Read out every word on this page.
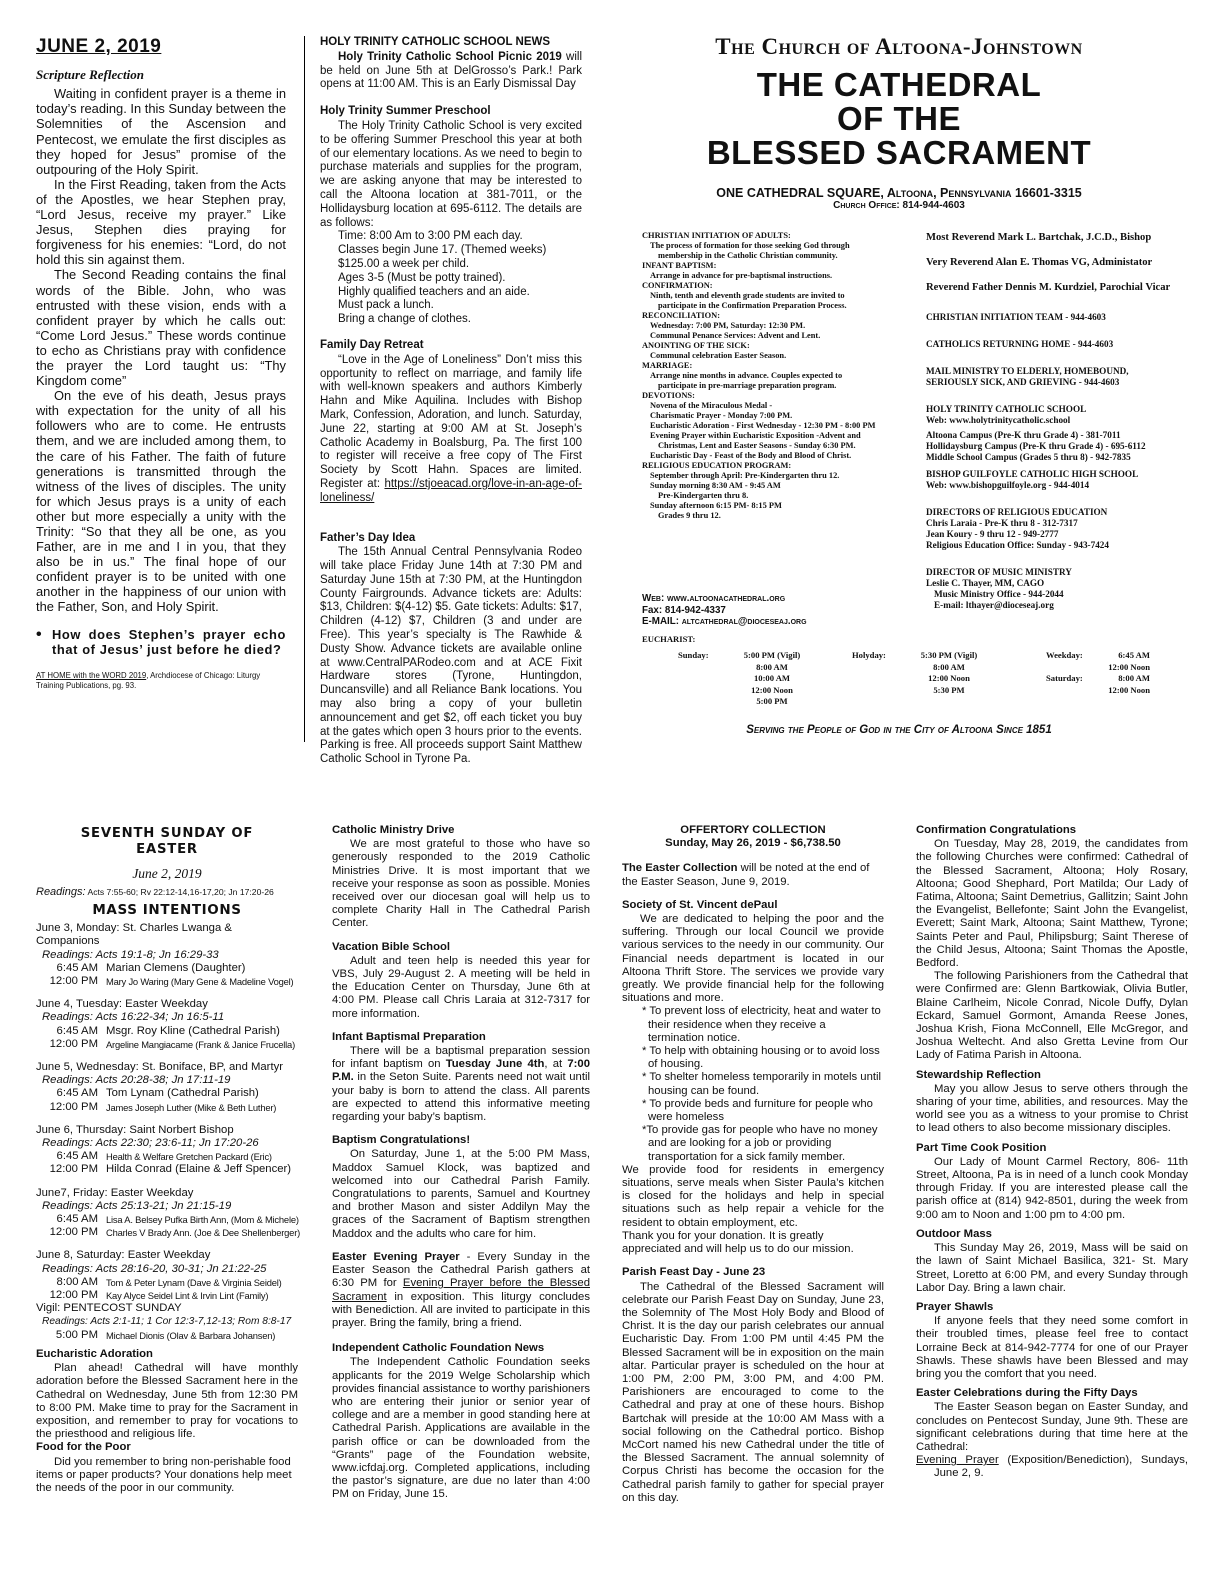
JUNE 2, 2019
Scripture Reflection

Waiting in confident prayer is a theme in today’s reading. In this Sunday between the Solemnities of the Ascension and Pentecost, we emulate the first disciples as they hoped for Jesus” promise of the outpouring of the Holy Spirit.

In the First Reading, taken from the Acts of the Apostles, we hear Stephen pray, “Lord Jesus, receive my prayer.” Like Jesus, Stephen dies praying for forgiveness for his enemies: “Lord, do not hold this sin against them.

The Second Reading contains the final words of the Bible. John, who was entrusted with these vision, ends with a confident prayer by which he calls out: “Come Lord Jesus.” These words continue to echo as Christians pray with confidence the prayer the Lord taught us: “Thy Kingdom come”

On the eve of his death, Jesus prays with expectation for the unity of all his followers who are to come. He entrusts them, and we are included among them, to the care of his Father. The faith of future generations is transmitted through the witness of the lives of disciples. The unity for which Jesus prays is a unity of each other but more especially a unity with the Trinity: “So that they all be one, as you Father, are in me and I in you, that they also be in us.” The final hope of our confident prayer is to be united with one another in the happiness of our union with the Father, Son, and Holy Spirit.

• How does Stephen’s prayer echo that of Jesus’ just before he died?
AT HOME with the WORD 2019, Archdiocese of Chicago: Liturgy Training Publications, pg. 93.
HOLY TRINITY CATHOLIC SCHOOL NEWS

Holy Trinity Catholic School Picnic 2019 will be held on June 5th at DelGrosso’s Park.! Park opens at 11:00 AM. This is an Early Dismissal Day

Holy Trinity Summer Preschool

The Holy Trinity Catholic School is very excited to be offering Summer Preschool this year at both of our elementary locations. As we need to begin to purchase materials and supplies for the program, we are asking anyone that may be interested to call the Altoona location at 381-7011, or the Hollidaysburg location at 695-6112. The details are as follows:

Time: 8:00 Am to 3:00 PM each day.
Classes begin June 17. (Themed weeks)
$125.00 a week per child.
Ages 3-5 (Must be potty trained).
Highly qualified teachers and an aide.
Must pack a lunch.
Bring a change of clothes.
Family Day Retreat

“Love in the Age of Loneliness” Don’t miss this opportunity to reflect on marriage, and family life with well-known speakers and authors Kimberly Hahn and Mike Aquilina. Includes with Bishop Mark, Confession, Adoration, and lunch. Saturday, June 22, starting at 9:00 AM at St. Joseph’s Catholic Academy in Boalsburg, Pa. The first 100 to register will receive a free copy of The First Society by Scott Hahn. Spaces are limited. Register at: https://stjoeacad.org/love-in-an-age-of-loneliness/

Father’s Day Idea

The 15th Annual Central Pennsylvania Rodeo will take place Friday June 14th at 7:30 PM and Saturday June 15th at 7:30 PM, at the Huntingdon County Fairgrounds. Advance tickets are: Adults: $13, Children: $(4-12) $5. Gate tickets: Adults: $17, Children (4-12) $7, Children (3 and under are Free). This year’s specialty is The Rawhide & Dusty Show. Advance tickets are available online at www.CentralPARodeo.com and at ACE Fixit Hardware stores (Tyrone, Huntingdon, Duncansville) and all Reliance Bank locations. You may also bring a copy of your bulletin announcement and get $2, off each ticket you buy at the gates which open 3 hours prior to the events. Parking is free. All proceeds support Saint Matthew Catholic School in Tyrone Pa.

The Church of Altoona-Johnstown
THE CATHEDRAL
OF THE
BLESSED SACRAMENT
ONE CATHEDRAL SQUARE, Altoona, Pennsylvania 16601-3315
Church Office: 814-944-4603
CHRISTIAN INITIATION OF ADULTS:
The process of formation for those seeking God through
membership in the Catholic Christian community.
INFANT BAPTISM:
Arrange in advance for pre-baptismal instructions.
CONFIRMATION:
Ninth, tenth and eleventh grade students are invited to
participate in the Confirmation Preparation Process.
RECONCILIATION:
Wednesday: 7:00 PM, Saturday: 12:30 PM.
Communal Penance Services: Advent and Lent.
ANOINTING OF THE SICK:
Communal celebration Easter Season.
MARRIAGE:
Arrange nine months in advance. Couples expected to
participate in pre-marriage preparation program.
DEVOTIONS:
Novena of the Miraculous Medal -
Charismatic Prayer - Monday 7:00 PM.
Eucharistic Adoration - First Wednesday - 12:30 PM - 8:00 PM
Evening Prayer within Eucharistic Exposition -Advent and
Christmas, Lent and Easter Seasons - Sunday 6:30 PM.
Eucharistic Day - Feast of the Body and Blood of Christ.
RELIGIOUS EDUCATION PROGRAM:
September through April: Pre-Kindergarten thru 12.
Sunday morning 8:30 AM - 9:45 AM
Pre-Kindergarten thru 8.
Sunday afternoon 6:15 PM- 8:15 PM
Grades 9 thru 12.
Web: www.altoonacathedral.org
Fax: 814-942-4337
E-MAIL: altcathedral@dioceseaj.org
Most Reverend Mark L. Bartchak, J.C.D., Bishop
Very Reverend Alan E. Thomas VG, Administator
Reverend Father Dennis M. Kurdziel, Parochial Vicar
CHRISTIAN INITIATION TEAM - 944-4603
CATHOLICS RETURNING HOME - 944-4603
MAIL MINISTRY TO ELDERLY, HOMEBOUND,
SERIOUSLY SICK, AND GRIEVING - 944-4603
HOLY TRINITY CATHOLIC SCHOOL
Web: www.holytrinitycatholic.school
Altoona Campus (Pre-K thru Grade 4) - 381-7011
Hollidaysburg Campus (Pre-K thru Grade 4) - 695-6112
Middle School Campus (Grades 5 thru 8) - 942-7835
BISHOP GUILFOYLE CATHOLIC HIGH SCHOOL
Web: www.bishopguilfoyle.org - 944-4014
DIRECTORS OF RELIGIOUS EDUCATION
Chris Laraia - Pre-K thru 8 - 312-7317
Jean Koury - 9 thru 12 - 949-2777
Religious Education Office: Sunday - 943-7424
DIRECTOR OF MUSIC MINISTRY
Leslie C. Thayer, MM, CAGO
Music Ministry Office - 944-2044
E-mail: lthayer@dioceseaj.org
EUCHARIST:
Sunday:	5:00 PM (Vigil)
8:00 AM
10:00 AM
12:00 Noon
5:00 PM
Holyday:	5:30 PM (Vigil)
8:00 AM
12:00 Noon
5:30 PM
Weekday:	6:45 AM
12:00 Noon
Saturday:	8:00 AM
12:00 Noon
Serving the People of God in the City of Altoona Since 1851
SEVENTH SUNDAY OF EASTER
June 2, 2019
Readings: Acts 7:55-60; Rv 22:12-14,16-17,20; Jn 17:20-26
MASS INTENTIONS
June 3, Monday: St. Charles Lwanga & Companions
Readings: Acts 19:1-8; Jn 16:29-33
6:45 AM Marian Clemens (Daughter)
12:00 PM Mary Jo Waring (Mary Gene & Madeline Vogel)
June 4, Tuesday: Easter Weekday
Readings: Acts 16:22-34; Jn 16:5-11
6:45 AM Msgr. Roy Kline (Cathedral Parish)
12:00 PM Argeline Mangiacame (Frank & Janice Frucella)
June 5, Wednesday: St. Boniface, BP, and Martyr
Readings: Acts 20:28-38; Jn 17:11-19
6:45 AM Tom Lynam (Cathedral Parish)
12:00 PM James Joseph Luther (Mike & Beth Luther)
June 6, Thursday: Saint Norbert Bishop
Readings: Acts 22:30; 23:6-11; Jn 17:20-26
6:45 AM Health & Welfare Gretchen Packard (Eric)
12:00 PM Hilda Conrad (Elaine & Jeff Spencer)
June7, Friday: Easter Weekday
Readings: Acts 25:13-21; Jn 21:15-19
6:45 AM Lisa A. Belsey Pufka Birth Ann, (Mom & Michele)
12:00 PM Charles V Brady Ann. (Joe & Dee Shellenberger)
June 8, Saturday: Easter Weekday
Readings: Acts 28:16-20, 30-31; Jn 21:22-25
8:00 AM Tom & Peter Lynam (Dave & Virginia Seidel)
12:00 PM Kay Alyce Seidel Lint & Irvin Lint (Family)
Vigil: PENTECOST SUNDAY
Readings: Acts 2:1-11; 1 Cor 12:3-7,12-13; Rom 8:8-17
5:00 PM Michael Dionis (Olav & Barbara Johansen)
Eucharistic Adoration

Plan ahead! Cathedral will have monthly adoration before the Blessed Sacrament here in the Cathedral on Wednesday, June 5th from 12:30 PM to 8:00 PM. Make time to pray for the Sacrament in exposition, and remember to pray for vocations to the priesthood and religious life.

Food for the Poor

Did you remember to bring non-perishable food items or paper products? Your donations help meet the needs of the poor in our community.

Catholic Ministry Drive

We are most grateful to those who have so generously responded to the 2019 Catholic Ministries Drive. It is most important that we receive your response as soon as possible. Monies received over our diocesan goal will help us to complete Charity Hall in The Cathedral Parish Center.

Vacation Bible School

Adult and teen help is needed this year for VBS, July 29-August 2. A meeting will be held in the Education Center on Thursday, June 6th at 4:00 PM. Please call Chris Laraia at 312-7317 for more information.

Infant Baptismal Preparation

There will be a baptismal preparation session for infant baptism on Tuesday June 4th, at 7:00 P.M. in the Seton Suite. Parents need not wait until your baby is born to attend the class. All parents are expected to attend this informative meeting regarding your baby’s baptism.

Baptism Congratulations!

On Saturday, June 1, at the 5:00 PM Mass, Maddox Samuel Klock, was baptized and welcomed into our Cathedral Parish Family. Congratulations to parents, Samuel and Kourtney and brother Mason and sister Addilyn May the graces of the Sacrament of Baptism strengthen Maddox and the adults who care for him.

Easter Evening Prayer - Every Sunday in the Easter Season the Cathedral Parish gathers at 6:30 PM for Evening Prayer before the Blessed Sacrament in exposition. This liturgy concludes with Benediction. All are invited to participate in this prayer. Bring the family, bring a friend.

Independent Catholic Foundation News

The Independent Catholic Foundation seeks applicants for the 2019 Welge Scholarship which provides financial assistance to worthy parishioners who are entering their junior or senior year of college and are a member in good standing here at Cathedral Parish. Applications are available in the parish office or can be downloaded from the “Grants” page of the Foundation website, www.icfdaj.org. Completed applications, including the pastor’s signature, are due no later than 4:00 PM on Friday, June 15.

OFFERTORY COLLECTION
Sunday, May 26, 2019 - $6,738.50

The Easter Collection will be noted at the end of the Easter Season, June 9, 2019.

Society of St. Vincent dePaul

We are dedicated to helping the poor and the suffering. Through our local Council we provide various services to the needy in our community. Our Financial needs department is located in our Altoona Thrift Store. The services we provide vary greatly. We provide financial help for the following situations and more.

* To prevent loss of electricity, heat and water to their residence when they receive a termination notice.
* To help with obtaining housing or to avoid loss of housing.
* To shelter homeless temporarily in motels until housing can be found.
* To provide beds and furniture for people who were homeless
*To provide gas for people who have no money and are looking for a job or providing transportation for a sick family member.

We provide food for residents in emergency situations, serve meals when Sister Paula’s kitchen is closed for the holidays and help in special situations such as help repair a vehicle for the resident to obtain employment, etc.

Thank you for your donation. It is greatly appreciated and will help us to do our mission.

Parish Feast Day - June 23

The Cathedral of the Blessed Sacrament will celebrate our Parish Feast Day on Sunday, June 23, the Solemnity of The Most Holy Body and Blood of Christ. It is the day our parish celebrates our annual Eucharistic Day. From 1:00 PM until 4:45 PM the Blessed Sacrament will be in exposition on the main altar. Particular prayer is scheduled on the hour at 1:00 PM, 2:00 PM, 3:00 PM, and 4:00 PM. Parishioners are encouraged to come to the Cathedral and pray at one of these hours. Bishop Bartchak will preside at the 10:00 AM Mass with a social following on the Cathedral portico. Bishop McCort named his new Cathedral under the title of the Blessed Sacrament. The annual solemnity of Corpus Christi has become the occasion for the Cathedral parish family to gather for special prayer on this day.

Confirmation Congratulations

On Tuesday, May 28, 2019, the candidates from the following Churches were confirmed: Cathedral of the Blessed Sacrament, Altoona; Holy Rosary, Altoona; Good Shephard, Port Matilda; Our Lady of Fatima, Altoona; Saint Demetrius, Gallitzin; Saint John the Evangelist, Bellefonte; Saint John the Evangelist, Everett; Saint Mark, Altoona; Saint Matthew, Tyrone; Saints Peter and Paul, Philipsburg; Saint Therese of the Child Jesus, Altoona; Saint Thomas the Apostle, Bedford.

The following Parishioners from the Cathedral that were Confirmed are: Glenn Bartkowiak, Olivia Butler, Blaine Carlheim, Nicole Conrad, Nicole Duffy, Dylan Eckard, Samuel Gormont, Amanda Reese Jones, Joshua Krish, Fiona McConnell, Elle McGregor, and Joshua Weltecht. And also Gretta Levine from Our Lady of Fatima Parish in Altoona.

Stewardship Reflection

May you allow Jesus to serve others through the sharing of your time, abilities, and resources. May the world see you as a witness to your promise to Christ to lead others to also become missionary disciples.

Part Time Cook Position

Our Lady of Mount Carmel Rectory, 806- 11th Street, Altoona, Pa is in need of a lunch cook Monday through Friday. If you are interested please call the parish office at (814) 942-8501, during the week from 9:00 am to Noon and 1:00 pm to 4:00 pm.

Outdoor Mass

This Sunday May 26, 2019, Mass will be said on the lawn of Saint Michael Basilica, 321- St. Mary Street, Loretto at 6:00 PM, and every Sunday through Labor Day. Bring a lawn chair.

Prayer Shawls

If anyone feels that they need some comfort in their troubled times, please feel free to contact Lorraine Beck at 814-942-7774 for one of our Prayer Shawls. These shawls have been Blessed and may bring you the comfort that you need.

Easter Celebrations during the Fifty Days

The Easter Season began on Easter Sunday, and concludes on Pentecost Sunday, June 9th. These are significant celebrations during that time here at the Cathedral:

Evening Prayer (Exposition/Benediction), Sundays, June 2, 9.
